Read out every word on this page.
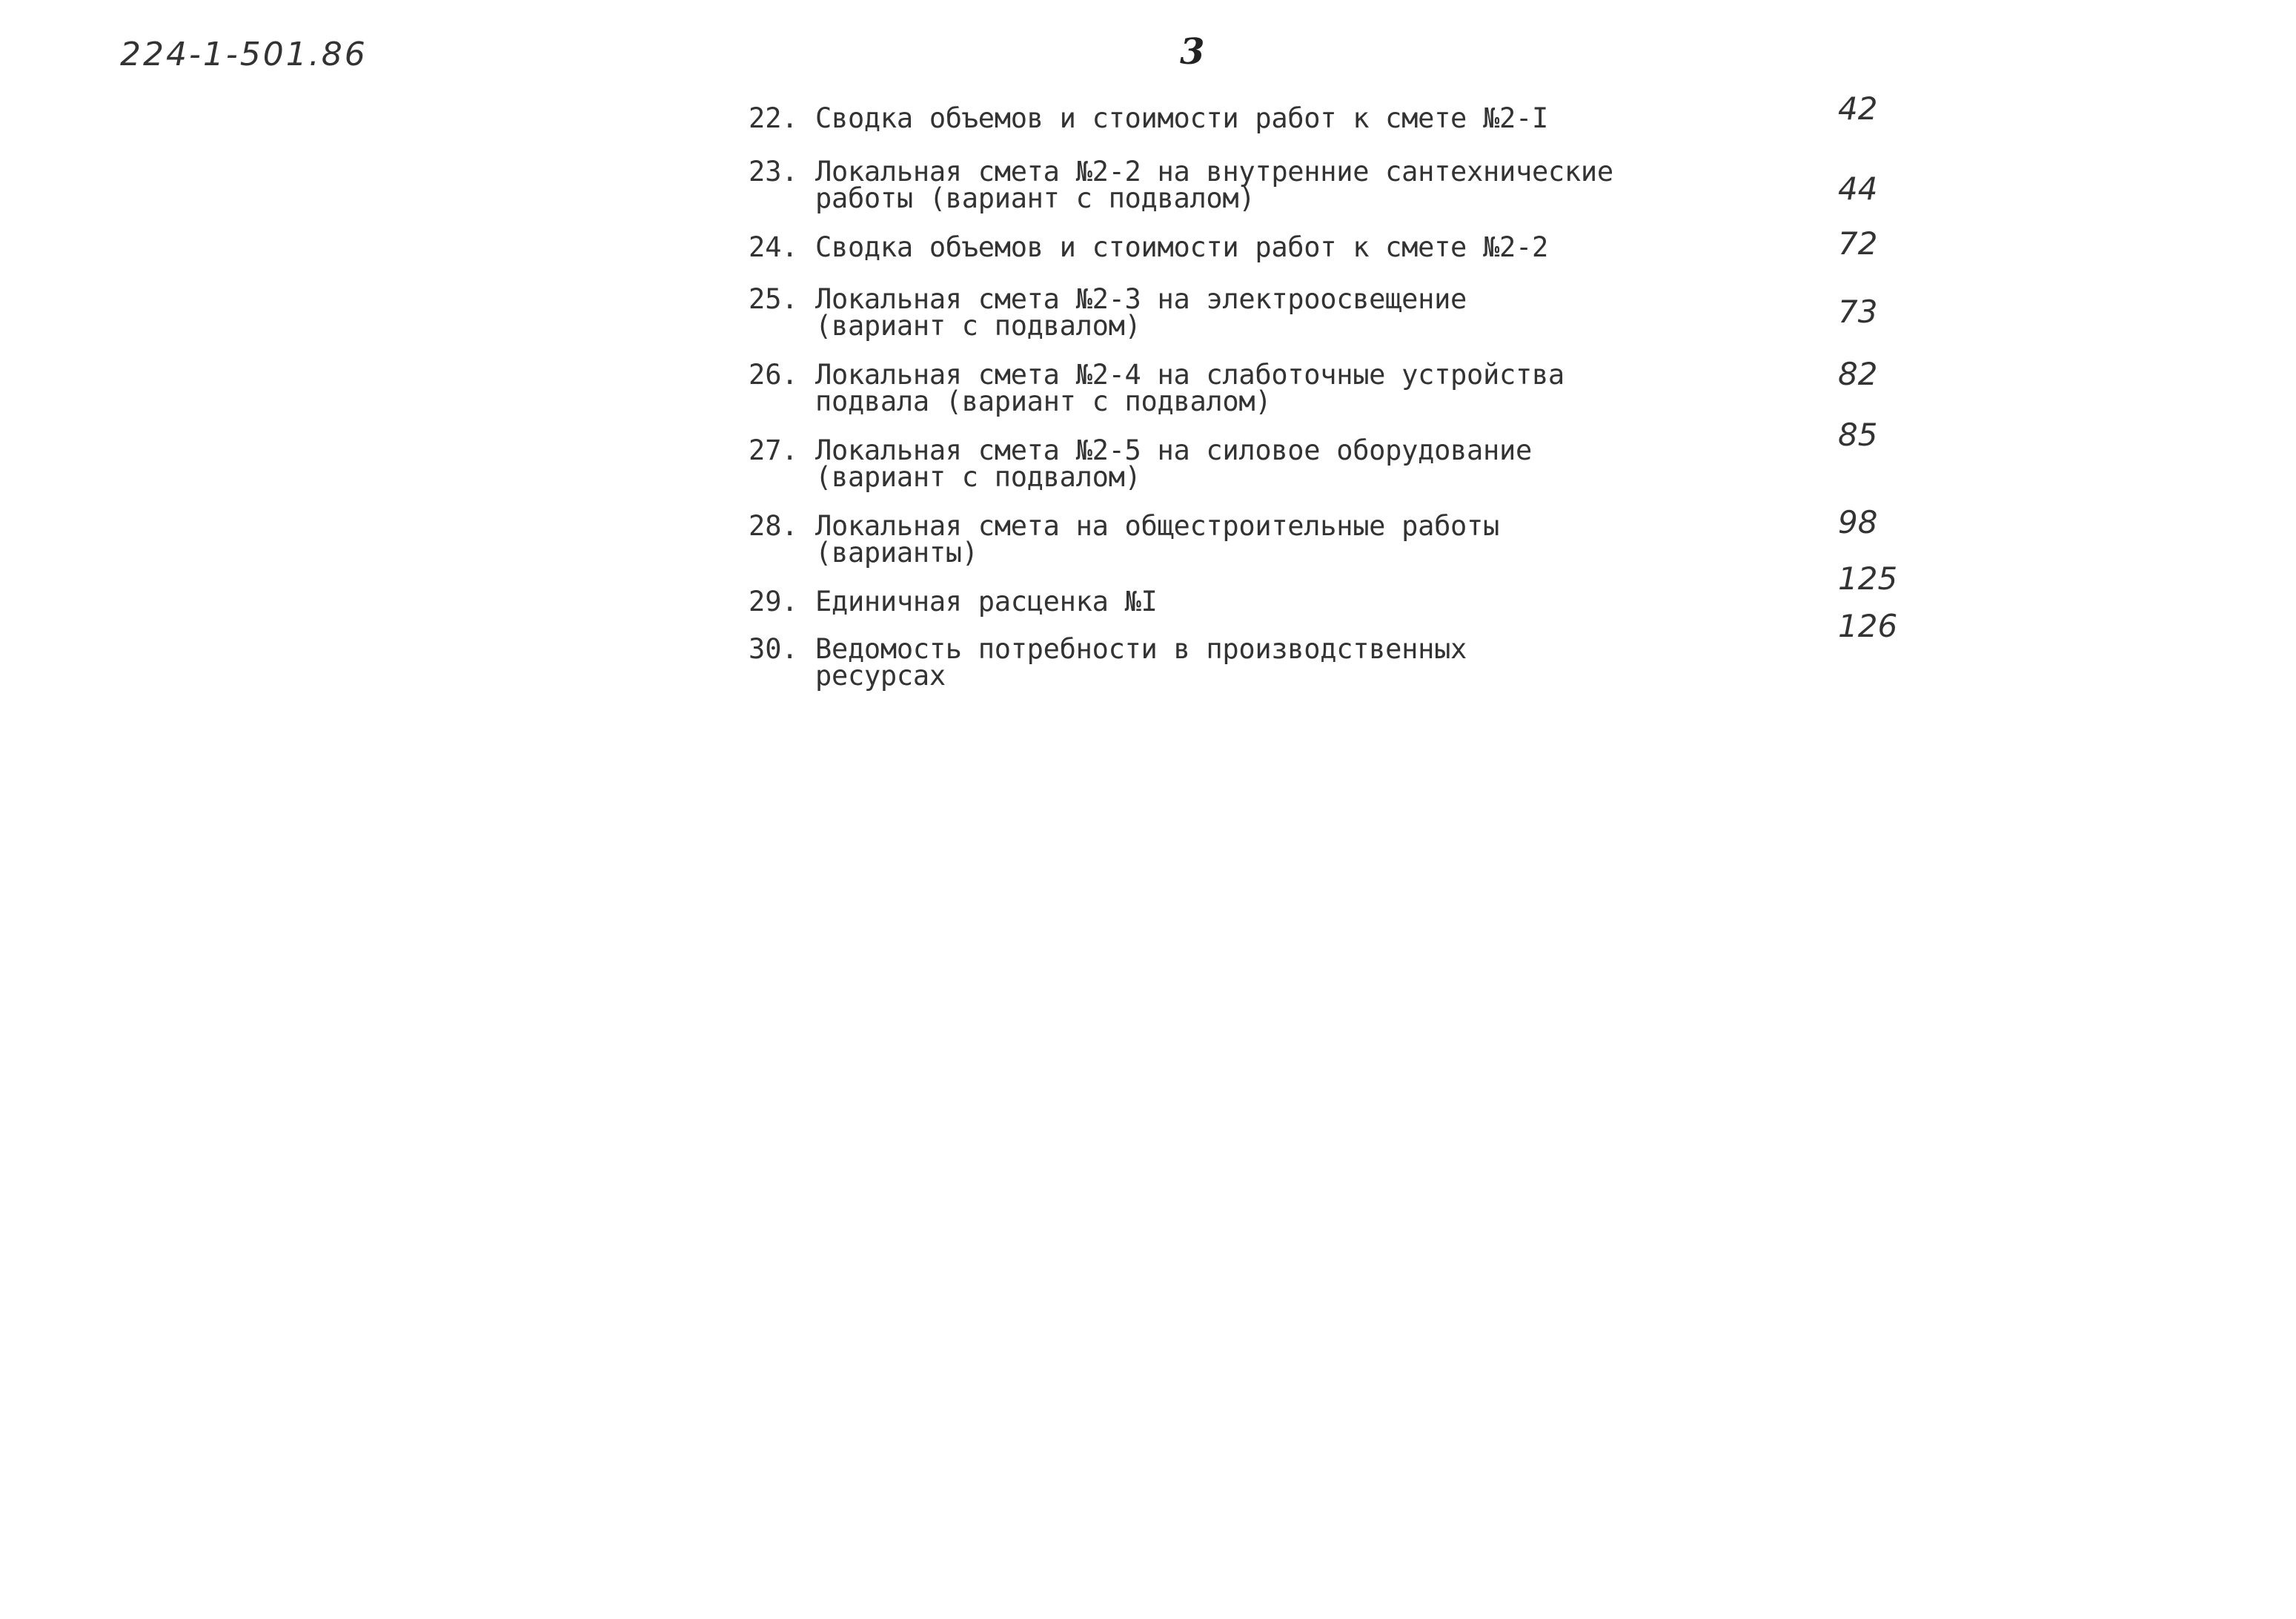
224-1-501.86	3
22. Сводка объемов и стоимости работ к смете №2-I	42
23. Локальная смета №2-2 на внутренние сантехнические
работы (вариант с подвалом)	44
24. Сводка объемов и стоимости работ к смете №2-2	72
25. Локальная смета №2-3 на электроосвещение
(вариант с подвалом)	73
26. Локальная смета №2-4 на слаботочные устройства
подвала (вариант с подвалом)
82
27. Локальная смета №2-5 на силовое оборудование
(вариант с подвалом)
85
28. Локальная смета на общестроительные работы
(варианты)
98
29. Единичная расценка №I
125
30. Ведомость потребности в производственных
ресурсах
126
